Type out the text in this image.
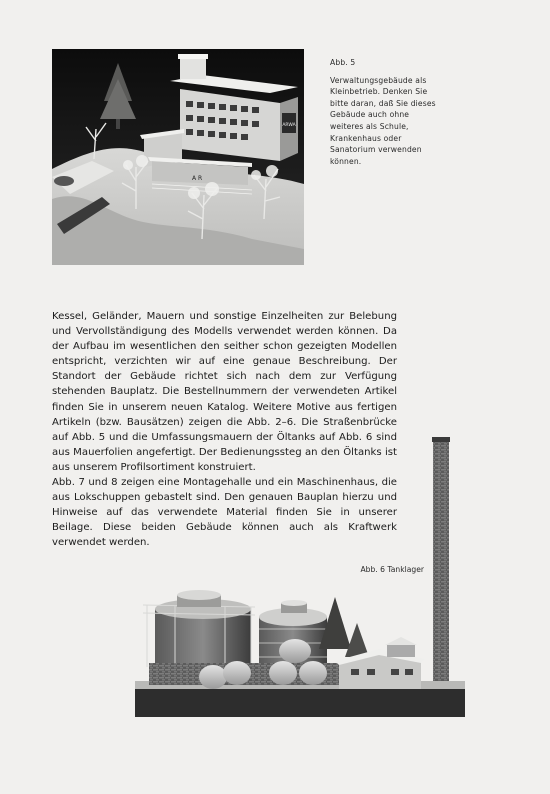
ARWA
A R
Abb. 5
Verwaltungsgebäude als Kleinbetrieb. Denken Sie bitte daran, daß Sie dieses Gebäude auch ohne weiteres als Schule, Krankenhaus oder Sanatorium verwenden können.

Kessel, Geländer, Mauern und sonstige Einzelheiten zur Belebung und Vervollständigung des Modells verwendet werden können. Da der Aufbau im wesentlichen den seither schon gezeigten Modellen entspricht, verzichten wir auf eine genaue Beschreibung. Der Standort der Gebäude richtet sich nach dem zur Verfügung stehenden Bauplatz. Die Bestellnummern der verwendeten Artikel finden Sie in unserem neuen Katalog. Weitere Motive aus fertigen Artikeln (bzw. Bausätzen) zeigen die Abb. 2–6. Die Straßenbrücke auf Abb. 5 und die Umfassungsmauern der Öltanks auf Abb. 6 sind aus Mauerfolien angefertigt. Der Bedienungssteg an den Öltanks ist aus unserem Profilsortiment konstruiert.

Abb. 7 und 8 zeigen eine Montagehalle und ein Maschinenhaus, die aus Lokschuppen gebastelt sind. Den genauen Bauplan hierzu und Hinweise auf das verwendete Material finden Sie in unserer Beilage. Diese beiden Gebäude können auch als Kraftwerk verwendet werden.

Abb. 6 Tanklager
